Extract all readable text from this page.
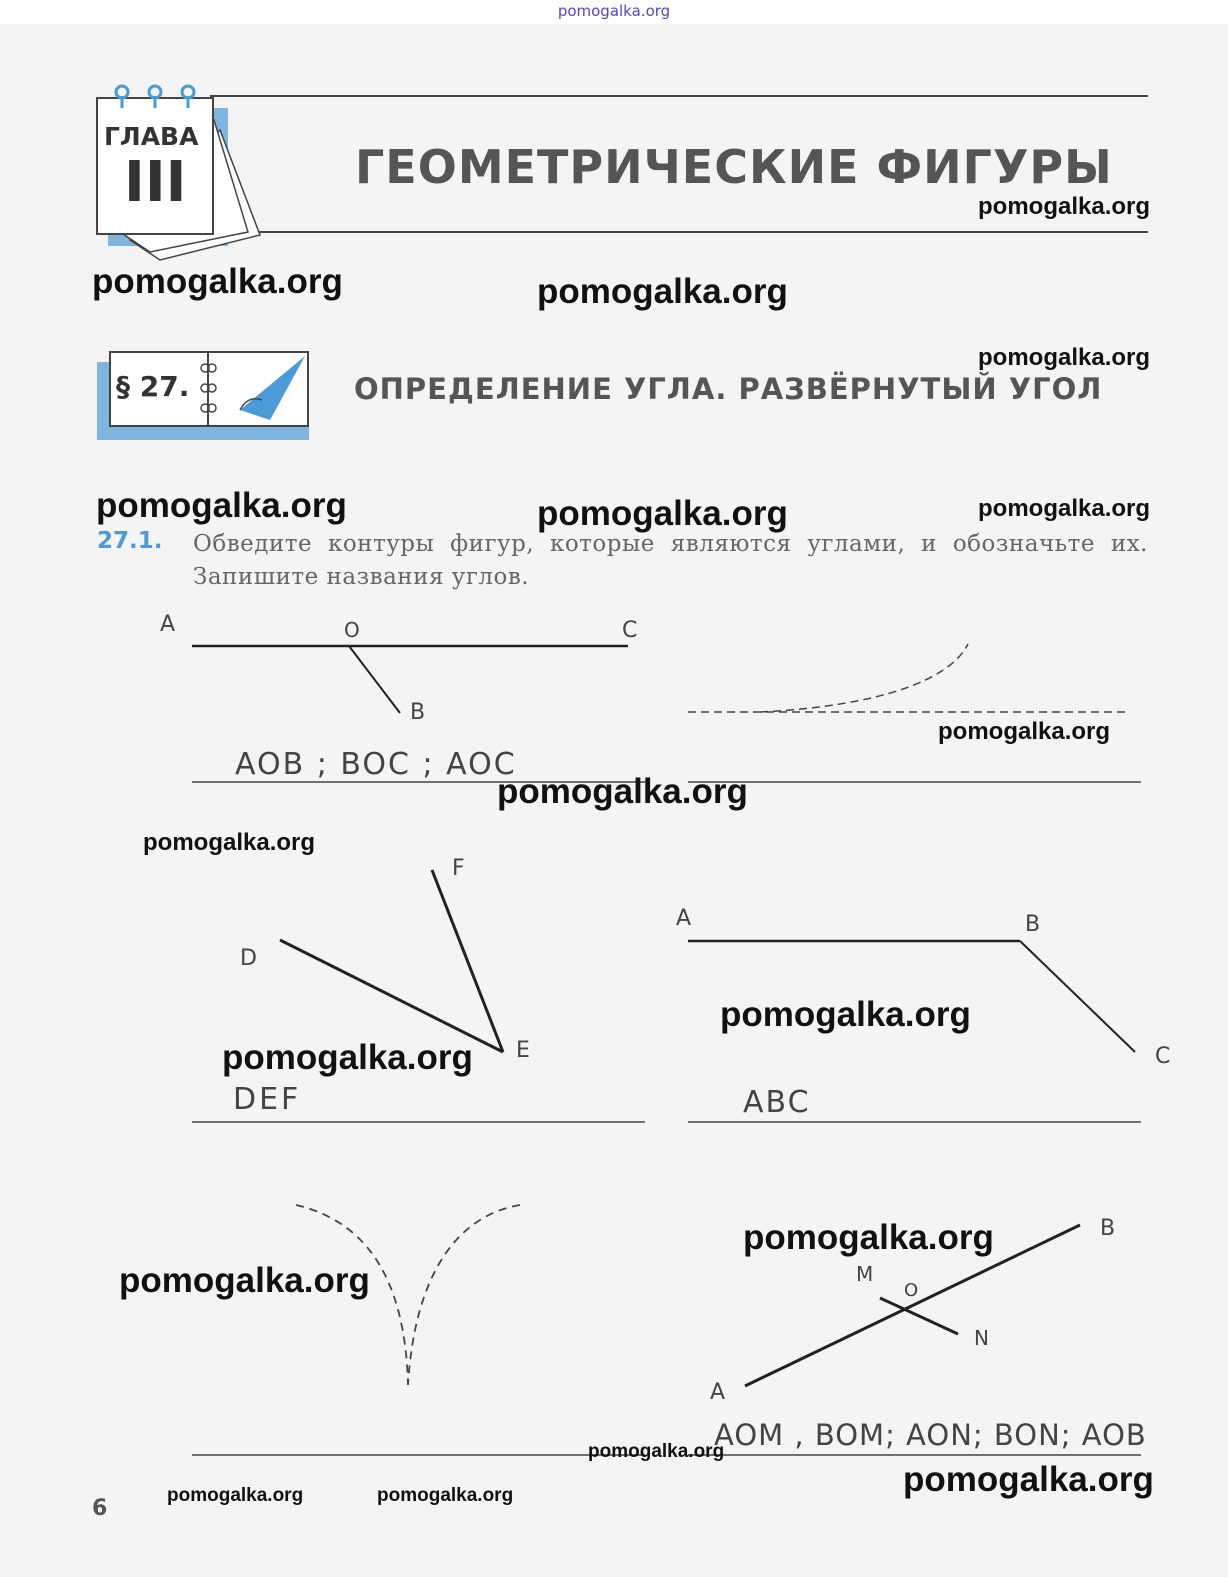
pomogalka.org
ГЛАВА
III	ГЕОМЕТРИЧЕСКИЕ ФИГУРЫ
§ 27.	ОПРЕДЕЛЕНИЕ УГЛА. РАЗВЁРНУТЫЙ УГОЛ
27.1. Обведите контуры фигур, которые являются углами, и обозначьте их. Запишите названия углов.
A	O	C
B
AOB ; BOC ; AOC
F
D
E
DEF
A	B
C
ABC
B
M
O
N
A
AOM , BOM; AON; BON; AOB
pomogalka.org
pomogalka.org	pomogalka.org
pomogalka.org
pomogalka.org	pomogalka.org	pomogalka.org
pomogalka.org
pomogalka.org
pomogalka.org
pomogalka.org
pomogalka.org
pomogalka.org
pomogalka.org
pomogalka.org
pomogalka.org
pomogalka.org	pomogalka.org
6
